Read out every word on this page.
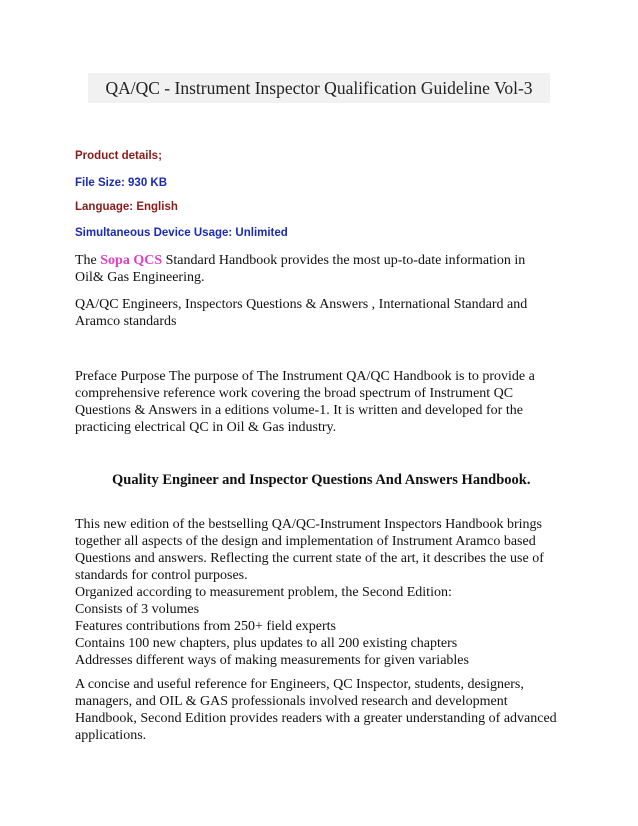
QA/QC - Instrument Inspector Qualification Guideline Vol-3
Product details;
File Size: 930 KB
Language: English
Simultaneous Device Usage: Unlimited
The Sopa QCS Standard Handbook provides the most up-to-date information in
Oil& Gas Engineering.
QA/QC Engineers, Inspectors Questions & Answers , International Standard and
Aramco standards
Preface Purpose The purpose of The Instrument QA/QC Handbook is to provide a
comprehensive reference work covering the broad spectrum of Instrument QC
Questions & Answers in a editions volume-1. It is written and developed for the
practicing electrical QC in Oil & Gas industry.
Quality Engineer and Inspector Questions And Answers Handbook.
This new edition of the bestselling QA/QC-Instrument Inspectors Handbook brings
together all aspects of the design and implementation of Instrument Aramco based
Questions and answers. Reflecting the current state of the art, it describes the use of
standards for control purposes.
Organized according to measurement problem, the Second Edition:
Consists of 3 volumes
Features contributions from 250+ field experts
Contains 100 new chapters, plus updates to all 200 existing chapters
Addresses different ways of making measurements for given variables
A concise and useful reference for Engineers, QC Inspector, students, designers,
managers, and OIL & GAS professionals involved research and development
Handbook, Second Edition provides readers with a greater understanding of advanced
applications.
